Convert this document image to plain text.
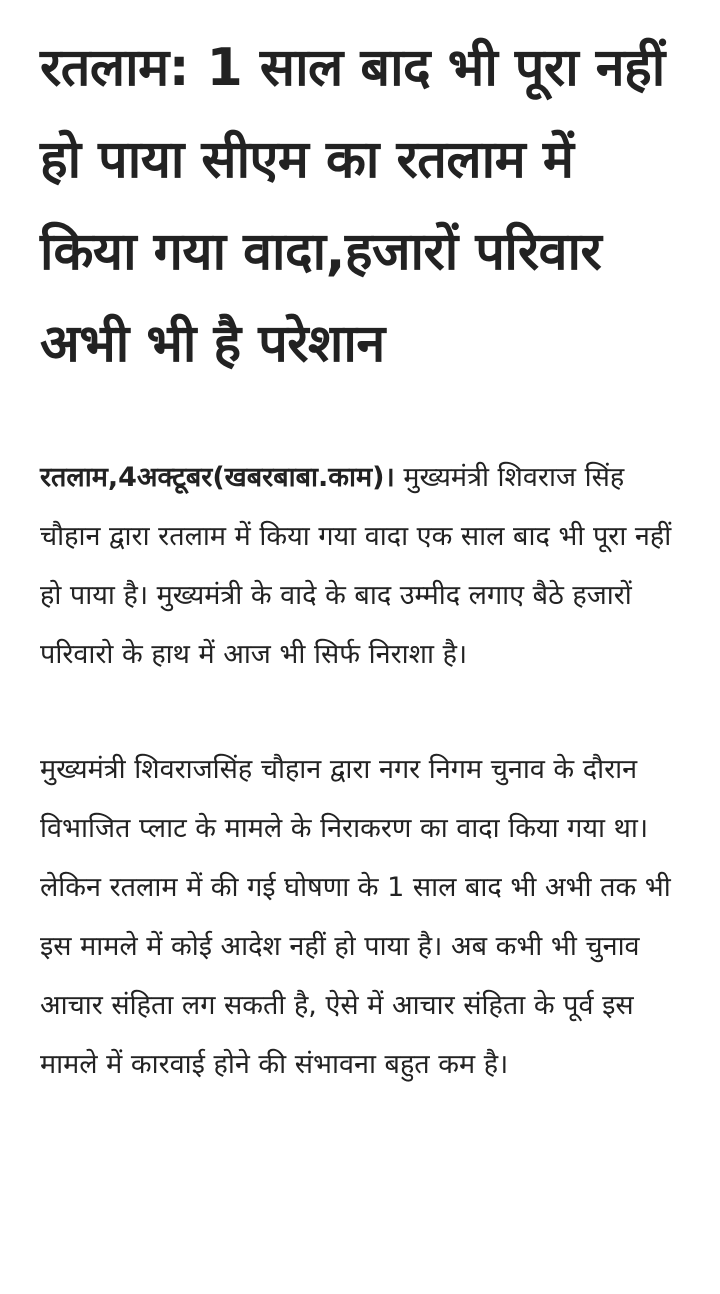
रतलाम: 1 साल बाद भी पूरा नहीं हो पाया सीएम का रतलाम में किया गया वादा,हजारों परिवार अभी भी है परेशान

रतलाम,4अक्टूबर(खबरबाबा.काम)। मुख्यमंत्री शिवराज सिंह चौहान द्वारा रतलाम में किया गया वादा एक साल बाद भी पूरा नहीं हो पाया है। मुख्यमंत्री के वादे के बाद उम्मीद लगाए बैठे हजारों परिवारो के हाथ में आज भी सिर्फ निराशा है।

मुख्यमंत्री शिवराजसिंह चौहान द्वारा नगर निगम चुनाव के दौरान विभाजित प्लाट के मामले के निराकरण का वादा किया गया था। लेकिन रतलाम में की गई घोषणा के 1 साल बाद भी अभी तक भी इस मामले में कोई आदेश नहीं हो पाया है। अब कभी भी चुनाव आचार संहिता लग सकती है, ऐसे में आचार संहिता के पूर्व इस मामले में कारवाई होने की संभावना बहुत कम है।
